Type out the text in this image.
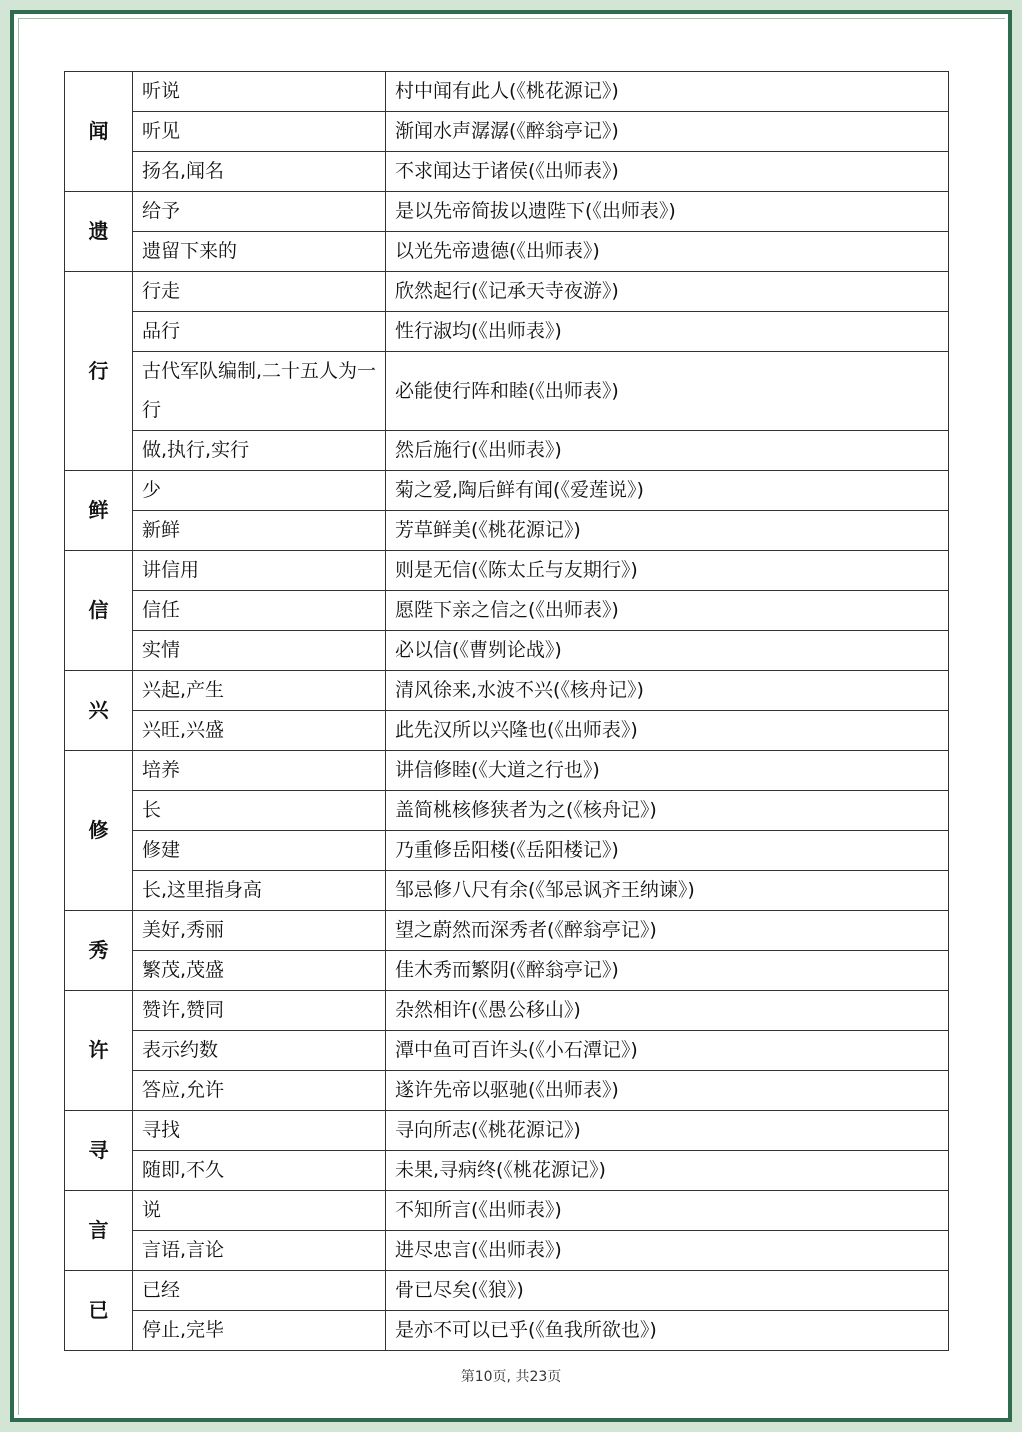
闻	听说	村中闻有此人(《桃花源记》)
	听见	渐闻水声潺潺(《醉翁亭记》)
	扬名,闻名	不求闻达于诸侯(《出师表》)
遗	给予	是以先帝简拔以遗陛下(《出师表》)
	遗留下来的	以光先帝遗德(《出师表》)
行	行走	欣然起行(《记承天寺夜游》)
	品行	性行淑均(《出师表》)
	古代军队编制,二十五人为一行	必能使行阵和睦(《出师表》)
	做,执行,实行	然后施行(《出师表》)
鲜	少	菊之爱,陶后鲜有闻(《爱莲说》)
	新鲜	芳草鲜美(《桃花源记》)
信	讲信用	则是无信(《陈太丘与友期行》)
	信任	愿陛下亲之信之(《出师表》)
	实情	必以信(《曹刿论战》)
兴	兴起,产生	清风徐来,水波不兴(《核舟记》)
	兴旺,兴盛	此先汉所以兴隆也(《出师表》)
修	培养	讲信修睦(《大道之行也》)
	长	盖简桃核修狭者为之(《核舟记》)
	修建	乃重修岳阳楼(《岳阳楼记》)
	长,这里指身高	邹忌修八尺有余(《邹忌讽齐王纳谏》)
秀	美好,秀丽	望之蔚然而深秀者(《醉翁亭记》)
	繁茂,茂盛	佳木秀而繁阴(《醉翁亭记》)
许	赞许,赞同	杂然相许(《愚公移山》)
	表示约数	潭中鱼可百许头(《小石潭记》)
	答应,允许	遂许先帝以驱驰(《出师表》)
寻	寻找	寻向所志(《桃花源记》)
	随即,不久	未果,寻病终(《桃花源记》)
言	说	不知所言(《出师表》)
	言语,言论	进尽忠言(《出师表》)
已	已经	骨已尽矣(《狼》)
	停止,完毕	是亦不可以已乎(《鱼我所欲也》)
第10页, 共23页
